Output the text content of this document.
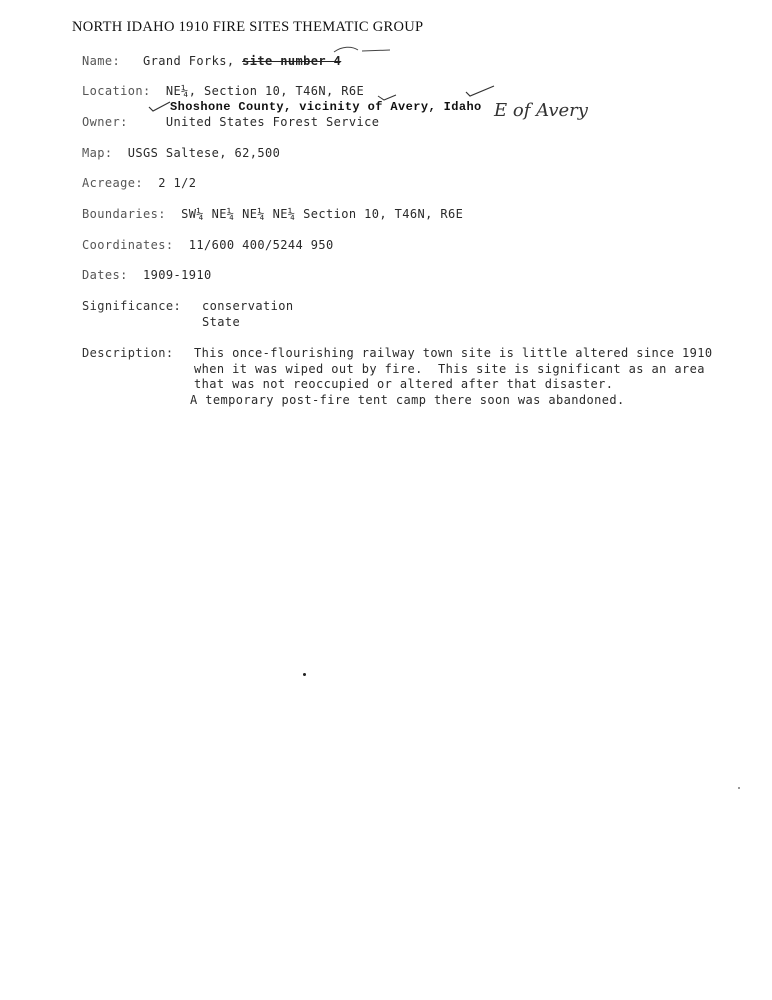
NORTH IDAHO 1910 FIRE SITES THEMATIC GROUP
Name: Grand Forks, site number 4
Location: NE¼, Section 10, T46N, R6E
Shoshone County, vicinity of Avery, Idaho E of Avery
Owner:	United States Forest Service
Map: USGS Saltese, 62,500
Acreage: 2 1/2
Boundaries: SW¼ NE¼ NE¼ NE¼ Section 10, T46N, R6E
Coordinates: 11/600 400/5244 950
Dates: 1909-1910
Significance: conservation
State
Description: This once-flourishing railway town site is little altered since 1910
when it was wiped out by fire.  This site is significant as an area
that was not reoccupied or altered after that disaster.
A temporary post-fire tent camp there soon was abandoned.
